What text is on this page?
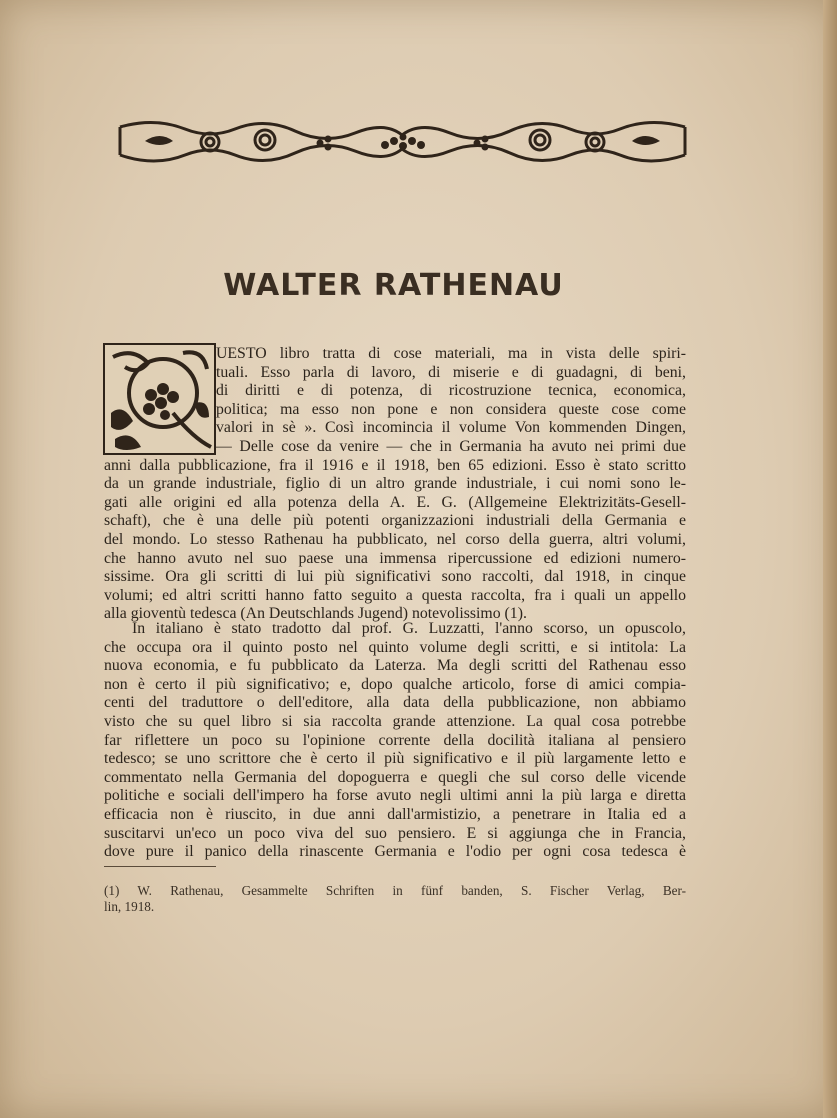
WALTER RATHENAU
UESTO libro tratta di cose materiali, ma in vista delle spiri-
tuali. Esso parla di lavoro, di miserie e di guadagni, di beni,
di diritti e di potenza, di ricostruzione tecnica, economica,
politica; ma esso non pone e non considera queste cose come
valori in sè ». Così incomincia il volume Von kommenden Dingen,
— Delle cose da venire — che in Germania ha avuto nei primi due
anni dalla pubblicazione, fra il 1916 e il 1918, ben 65 edizioni. Esso è stato scritto
da un grande industriale, figlio di un altro grande industriale, i cui nomi sono le-
gati alle origini ed alla potenza della A. E. G. (Allgemeine Elektrizitäts-Gesell-
schaft), che è una delle più potenti organizzazioni industriali della Germania e
del mondo. Lo stesso Rathenau ha pubblicato, nel corso della guerra, altri volumi,
che hanno avuto nel suo paese una immensa ripercussione ed edizioni numero-
sissime. Ora gli scritti di lui più significativi sono raccolti, dal 1918, in cinque
volumi; ed altri scritti hanno fatto seguito a questa raccolta, fra i quali un appello
alla gioventù tedesca (An Deutschlands Jugend) notevolissimo (1).
In italiano è stato tradotto dal prof. G. Luzzatti, l'anno scorso, un opuscolo,
che occupa ora il quinto posto nel quinto volume degli scritti, e si intitola: La
nuova economia, e fu pubblicato da Laterza. Ma degli scritti del Rathenau esso
non è certo il più significativo; e, dopo qualche articolo, forse di amici compia-
centi del traduttore o dell'editore, alla data della pubblicazione, non abbiamo
visto che su quel libro si sia raccolta grande attenzione. La qual cosa potrebbe
far riflettere un poco su l'opinione corrente della docilità italiana al pensiero
tedesco; se uno scrittore che è certo il più significativo e il più largamente letto e
commentato nella Germania del dopoguerra e quegli che sul corso delle vicende
politiche e sociali dell'impero ha forse avuto negli ultimi anni la più larga e diretta
efficacia non è riuscito, in due anni dall'armistizio, a penetrare in Italia ed a
suscitarvi un'eco un poco viva del suo pensiero. E si aggiunga che in Francia,
dove pure il panico della rinascente Germania e l'odio per ogni cosa tedesca è
(1) W. Rathenau, Gesammelte Schriften in fünf banden, S. Fischer Verlag, Ber-
lin, 1918.
